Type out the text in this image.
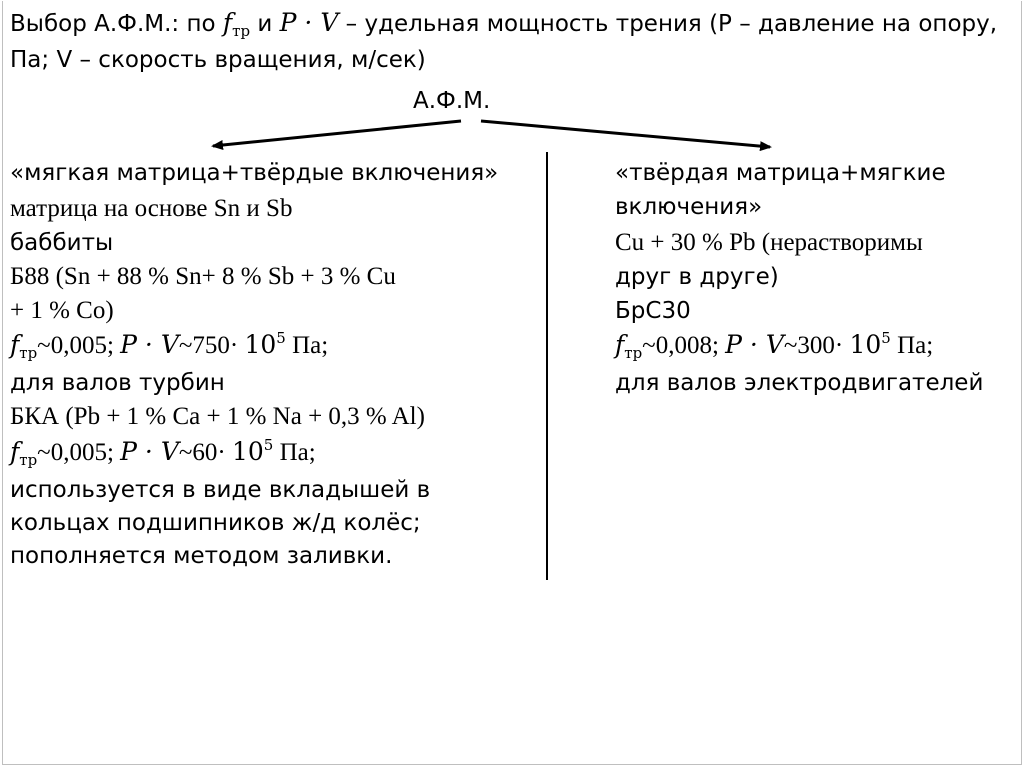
Выбор А.Ф.М.: по $f_{тр}$ и P · V – удельная мощность трения (Р – давление на опору,
Па; V – скорость вращения, м/сек)
А.Ф.М.
«мягкая матрица+твёрдые включения»
матрица на основе Sn и Sb
баббиты
Б88 (Sn + 88 % Sn+ 8 % Sb + 3 % Cu
+ 1 % Co)
$f_{тр}\sim 0,005$; P · V~750· $10^5$ Па;
для валов турбин
БКА (Pb + 1 % Ca + 1 % Na + 0,3 % Al)
$f_{тр}\sim 0,005$; P · V~60· $10^5$ Па;
используется в виде вкладышей в
кольцах подшипников ж/д колёс;
пополняется методом заливки.
«твёрдая матрица+мягкие
включения»
Cu + 30 % Pb (нерастворимы
друг в друге)
БрС30
$f_{тр}\sim 0,008$; P · V~300· $10^5$ Па;
для валов электродвигателей
